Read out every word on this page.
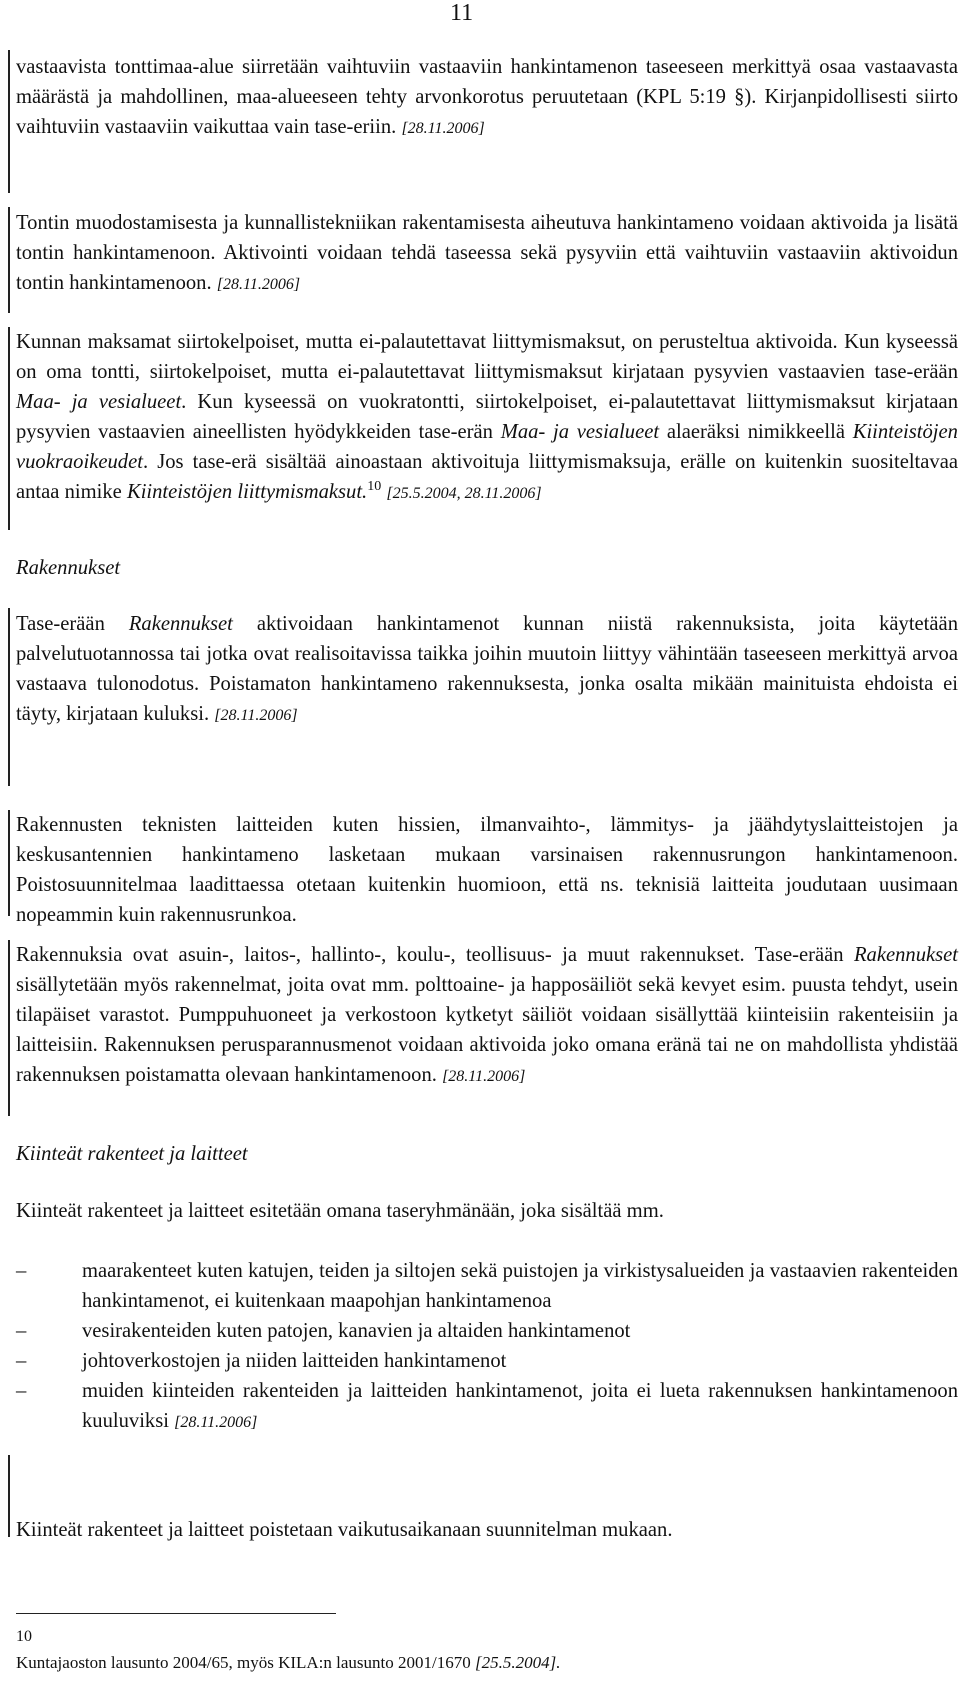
11
vastaavista tonttimaa-alue siirretään vaihtuviin vastaaviin hankintamenon taseeseen merkittyä osaa vastaavasta määrästä ja mahdollinen, maa-alueeseen tehty arvonkorotus peruutetaan (KPL 5:19 §). Kirjanpidollisesti siirto vaihtuviin vastaaviin vaikuttaa vain tase-eriin. [28.11.2006]
Tontin muodostamisesta ja kunnallistekniikan rakentamisesta aiheutuva hankintameno voidaan aktivoida ja lisätä tontin hankintamenoon. Aktivointi voidaan tehdä taseessa sekä pysyviin että vaihtuviin vastaaviin aktivoidun tontin hankintamenoon. [28.11.2006]
Kunnan maksamat siirtokelpoiset, mutta ei-palautettavat liittymismaksut, on perusteltua aktivoida. Kun kyseessä on oma tontti, siirtokelpoiset, mutta ei-palautettavat liittymismaksut kirjataan pysyvien vastaavien tase-erään Maa- ja vesialueet. Kun kyseessä on vuokratontti, siirtokelpoiset, ei-palautettavat liittymismaksut kirjataan pysyvien vastaavien aineellisten hyödykkeiden tase-erän Maa- ja vesialueet alaeräksi nimikkeellä Kiinteistöjen vuokraoikeudet. Jos tase-erä sisältää ainoastaan aktivoituja liittymismaksuja, erälle on kuitenkin suositeltavaa antaa nimike Kiinteistöjen liittymismaksut.$^{10}$ [25.5.2004, 28.11.2006]
Rakennukset
Tase-erään Rakennukset aktivoidaan hankintamenot kunnan niistä rakennuksista, joita käytetään palvelutuotannossa tai jotka ovat realisoitavissa taikka joihin muutoin liittyy vähintään taseeseen merkittyä arvoa vastaava tulonodotus. Poistamaton hankintameno rakennuksesta, jonka osalta mikään mainituista ehdoista ei täyty, kirjataan kuluksi. [28.11.2006]
Rakennusten teknisten laitteiden kuten hissien, ilmanvaihto-, lämmitys- ja jäähdytyslaitteistojen ja keskusantennien hankintameno lasketaan mukaan varsinaisen rakennusrungon hankintamenoon. Poistosuunnitelmaa laadittaessa otetaan kuitenkin huomioon, että ns. teknisiä laitteita joudutaan uusimaan nopeammin kuin rakennusrunkoa.
Rakennuksia ovat asuin-, laitos-, hallinto-, koulu-, teollisuus- ja muut rakennukset. Tase-erään Rakennukset sisällytetään myös rakennelmat, joita ovat mm. polttoaine- ja happosäiliöt sekä kevyet esim. puusta tehdyt, usein tilapäiset varastot. Pumppuhuoneet ja verkostoon kytketyt säiliöt voidaan sisällyttää kiinteisiin rakenteisiin ja laitteisiin. Rakennuksen perusparannusmenot voidaan aktivoida joko omana eränä tai ne on mahdollista yhdistää rakennuksen poistamatta olevaan hankintamenoon. [28.11.2006]
Kiinteät rakenteet ja laitteet
Kiinteät rakenteet ja laitteet esitetään omana taseryhmänään, joka sisältää mm.
–	maarakenteet kuten katujen, teiden ja siltojen sekä puistojen ja virkistysalueiden ja vastaavien rakenteiden hankintamenot, ei kuitenkaan maapohjan hankintamenoa
–	vesirakenteiden kuten patojen, kanavien ja altaiden hankintamenot
–	johtoverkostojen ja niiden laitteiden hankintamenot
–	muiden kiinteiden rakenteiden ja laitteiden hankintamenot, joita ei lueta rakennuksen hankintamenoon kuuluviksi [28.11.2006]
Kiinteät rakenteet ja laitteet poistetaan vaikutusaikanaan suunnitelman mukaan.
10
Kuntajaoston lausunto 2004/65, myös KILA:n lausunto 2001/1670 [25.5.2004].
